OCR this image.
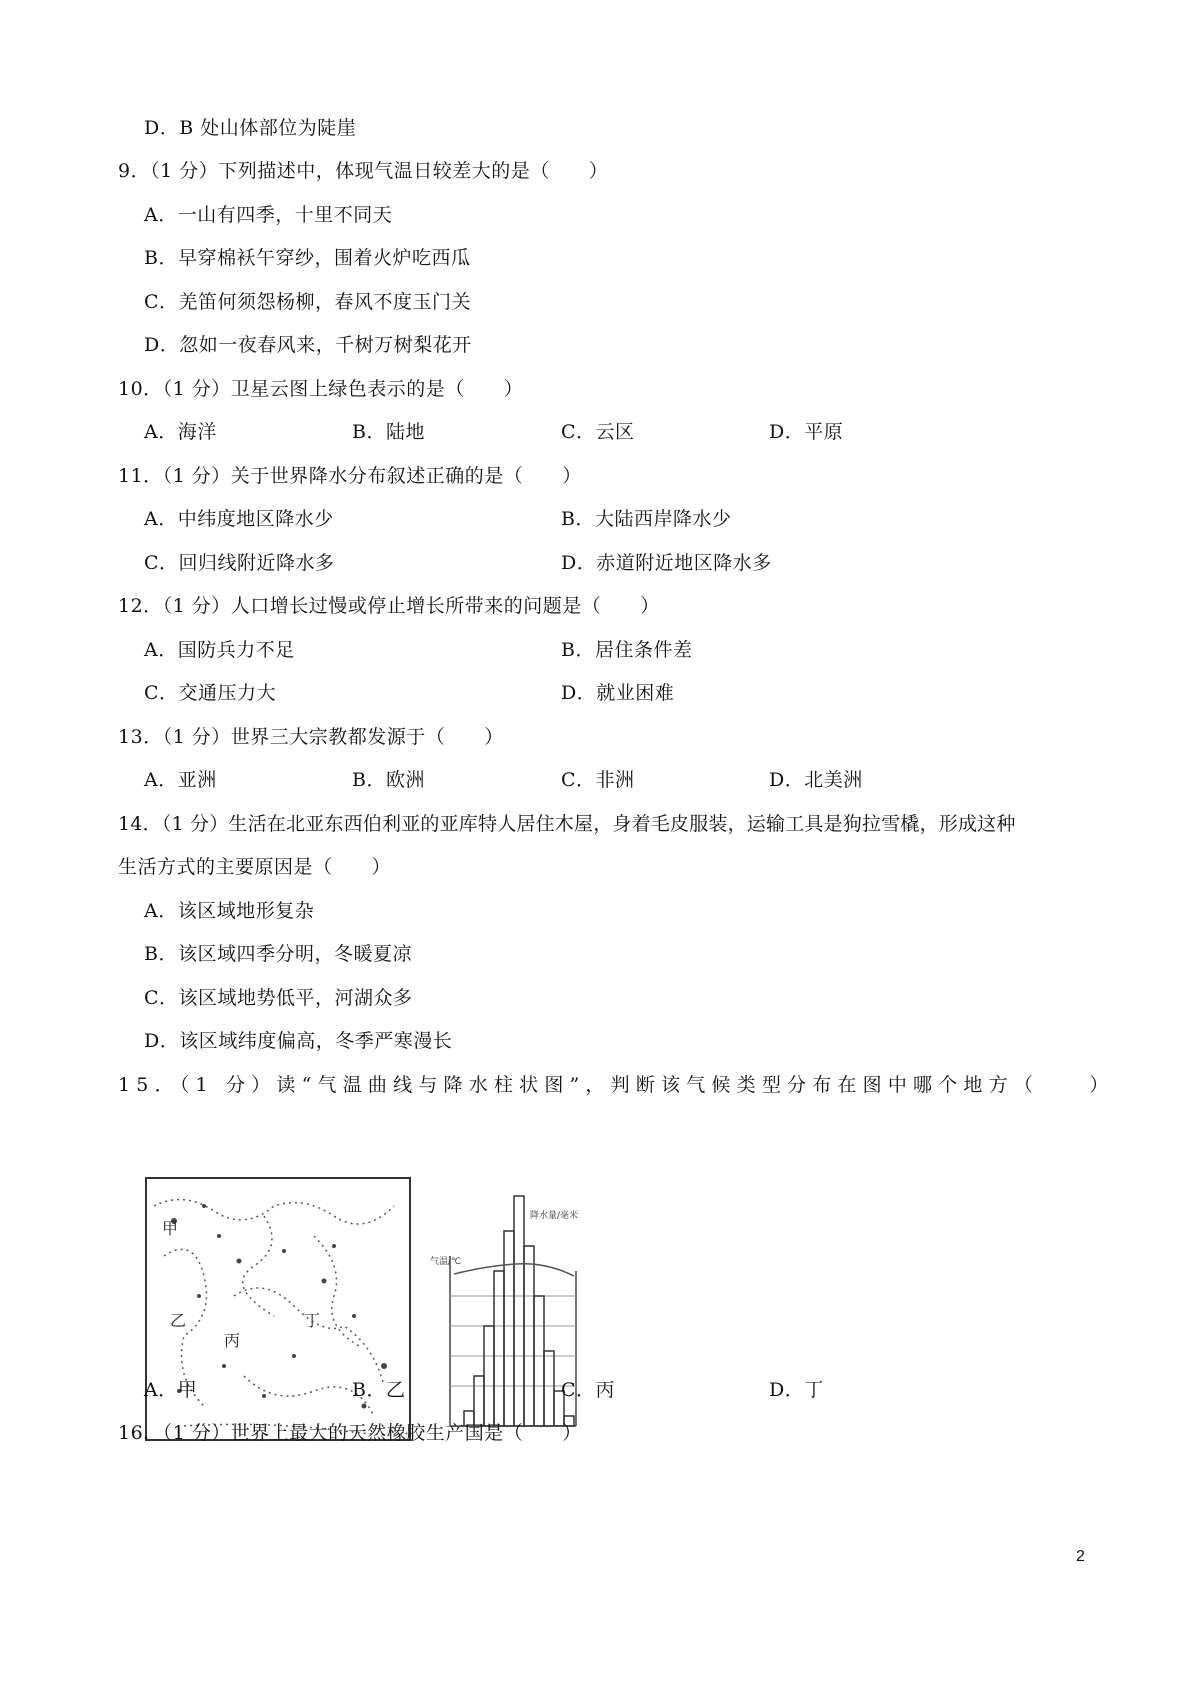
D．B 处山体部位为陡崖
9．（1 分）下列描述中，体现气温日较差大的是（　　）
A．一山有四季，十里不同天
B．早穿棉袄午穿纱，围着火炉吃西瓜
C．羌笛何须怨杨柳，春风不度玉门关
D．忽如一夜春风来，千树万树梨花开
10．（1 分）卫星云图上绿色表示的是（　　）
A．海洋	B．陆地	C．云区	D．平原
11．（1 分）关于世界降水分布叙述正确的是（　　）
A．中纬度地区降水少	B．大陆西岸降水少
C．回归线附近降水多	D．赤道附近地区降水多
12．（1 分）人口增长过慢或停止增长所带来的问题是（　　）
A．国防兵力不足	B．居住条件差
C．交通压力大	D．就业困难
13．（1 分）世界三大宗教都发源于（　　）
A．亚洲	B．欧洲	C．非洲	D．北美洲
14．（1 分）生活在北亚东西伯利亚的亚库特人居住木屋，身着毛皮服装，运输工具是狗拉雪橇，形成这种
生活方式的主要原因是（　　）
A．该区域地形复杂
B．该区域四季分明，冬暖夏凉
C．该区域地势低平，河湖众多
D．该区域纬度偏高，冬季严寒漫长
15．（1 分）读“气温曲线与降水柱状图”，判断该气候类型分布在图中哪个地方（　　）
甲
乙
丙
丁
气温/℃
降水量/毫米
A．甲	B．乙	C．丙	D．丁
16．（1 分）世界上最大的天然橡胶生产国是（　　）
2
